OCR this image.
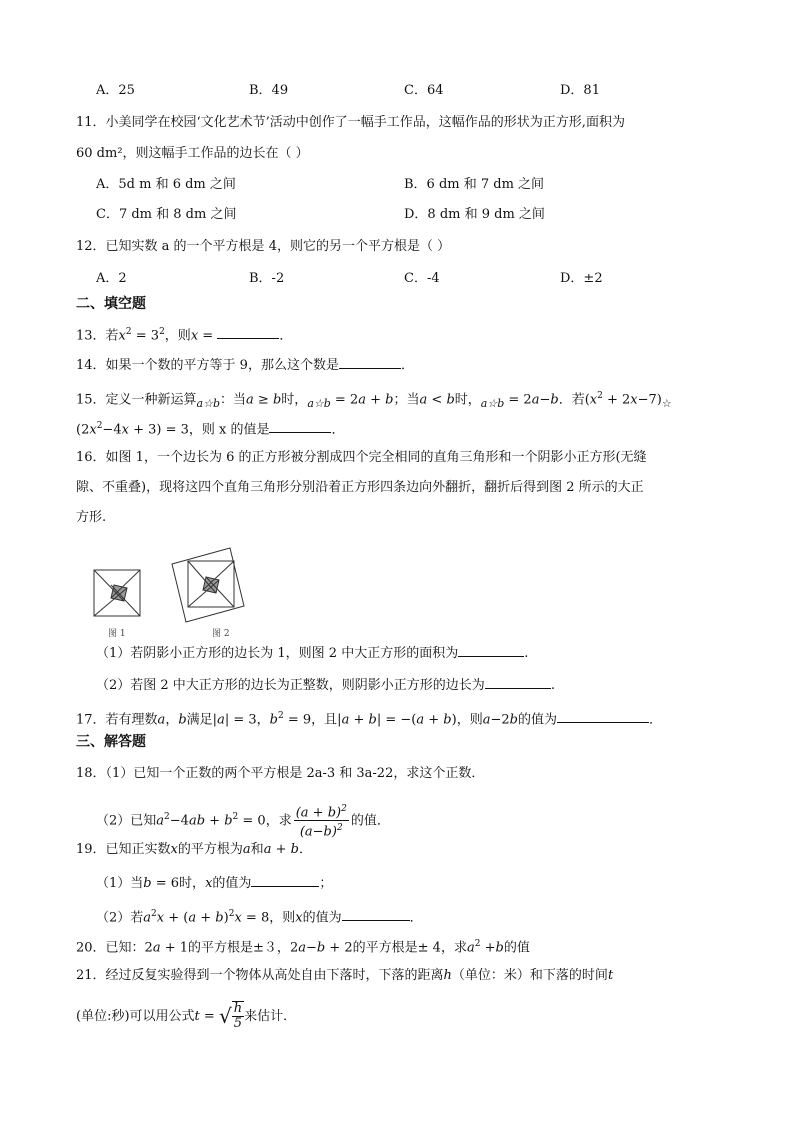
A．25	B．49	C．64	D．81
11．小美同学在校园‘文化艺术节’活动中创作了一幅手工作品，这幅作品的形状为正方形,面积为
60 dm²，则这幅手工作品的边长在（ ）
A．5d m 和 6 dm 之间	B．6 dm 和 7 dm 之间
C．7 dm 和 8 dm 之间	D．8 dm 和 9 dm 之间
12．已知实数 a 的一个平方根是 4，则它的另一个平方根是（ ）
A．2	B．-2	C．-4	D．±2
二、填空题
13．若$x^2 = 3^2$，则x =	．
14．如果一个数的平方等于 9，那么这个数是	．
15．定义一种新运算$_{a☆b}$：当a ≥ b时，$_{a☆b}$ = 2a + b；当a < b时，$_{a☆b}$ = 2a−b．若$(x^2 + 2x-7)_☆$
$(2x^2-4x + 3) = 3$，则 x 的值是	．
16．如图 1，一个边长为 6 的正方形被分割成四个完全相同的直角三角形和一个阴影小正方形(无缝
隙、不重叠)，现将这四个直角三角形分别沿着正方形四条边向外翻折，翻折后得到图 2 所示的大正
方形.
图 1	图 2
（1）若阴影小正方形的边长为 1，则图 2 中大正方形的面积为	.
（2）若图 2 中大正方形的边长为正整数，则阴影小正方形的边长为	.
17．若有理数a，b满足|a| = 3，$b^2 = 9$，且|a + b| = −(a + b)，则a−2b的值为	．
三、解答题
18．（1）已知一个正数的两个平方根是 2a-3 和 3a-22，求这个正数．
（2）已知$a^2-4ab + b^2 = 0$，求 $\frac{(a + b)^2}{(a-b)^2}$ 的值．
19．已知正实数x的平方根为a和a + b．
（1）当b = 6时，x的值为	；
（2）若$a^2x + (a + b)^2x = 8$，则x的值为	．
20．已知：2a + 1的平方根是±３，2a−b + 2的平方根是± 4，求$a^2 +b$的值
21．经过反复实验得到一个物体从高处自由下落时，下落的距离h（单位：米）和下落的时间t
(单位:秒)可以用公式t = √ $\frac{h}{5}$ 来估计．
